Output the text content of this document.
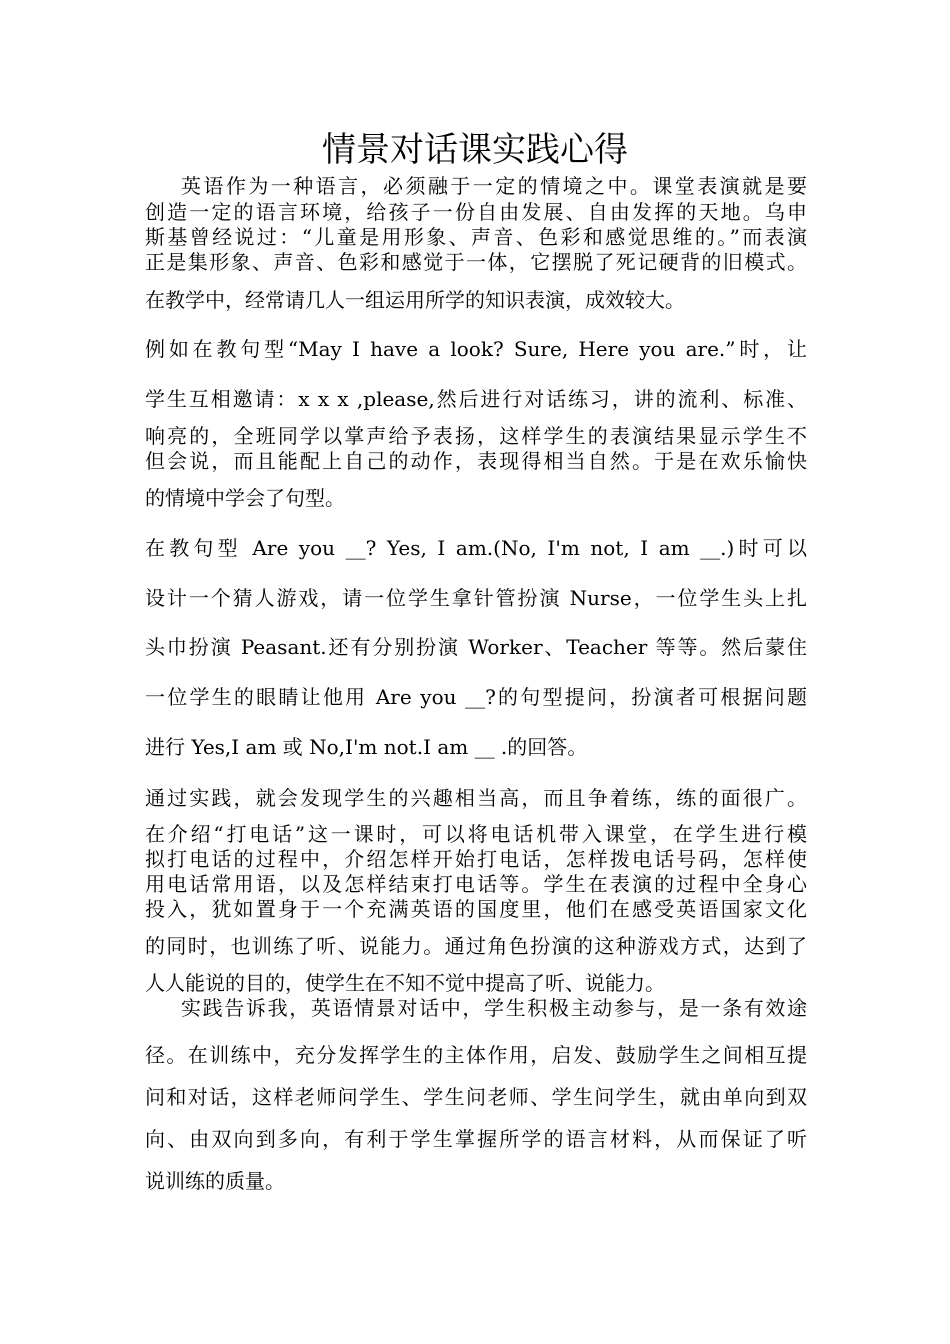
情景对话课实践心得
英语作为一种语言，必须融于一定的情境之中。课堂表演就是要
创造一定的语言环境，给孩子一份自由发展、自由发挥的天地。乌申
斯基曾经说过：“儿童是用形象、声音、色彩和感觉思维的。”而表演
正是集形象、声音、色彩和感觉于一体，它摆脱了死记硬背的旧模式。
在教学中，经常请几人一组运用所学的知识表演，成效较大。
例如在教句型“May I have a look? Sure, Here you are.”时，让
学生互相邀请：x x x ,please,然后进行对话练习，讲的流利、标准、
响亮的，全班同学以掌声给予表扬，这样学生的表演结果显示学生不
但会说，而且能配上自己的动作，表现得相当自然。于是在欢乐愉快
的情境中学会了句型。
在教句型 Are you __? Yes, I am.(No, I'm not, I am __.)时可以
设计一个猜人游戏，请一位学生拿针管扮演 Nurse，一位学生头上扎
头巾扮演 Peasant.还有分别扮演 Worker、Teacher 等等。然后蒙住
一位学生的眼睛让他用 Are you __?的句型提问，扮演者可根据问题
进行 Yes,I am 或 No,I'm not.I am __ .的回答。
通过实践，就会发现学生的兴趣相当高，而且争着练，练的面很广。
在介绍“打电话”这一课时，可以将电话机带入课堂，在学生进行模
拟打电话的过程中，介绍怎样开始打电话，怎样拨电话号码，怎样使
用电话常用语，以及怎样结束打电话等。学生在表演的过程中全身心
投入，犹如置身于一个充满英语的国度里，他们在感受英语国家文化
的同时，也训练了听、说能力。通过角色扮演的这种游戏方式，达到了
人人能说的目的，使学生在不知不觉中提高了听、说能力。
实践告诉我，英语情景对话中，学生积极主动参与，是一条有效途
径。在训练中，充分发挥学生的主体作用，启发、鼓励学生之间相互提
问和对话，这样老师问学生、学生问老师、学生问学生，就由单向到双
向、由双向到多向，有利于学生掌握所学的语言材料，从而保证了听
说训练的质量。
